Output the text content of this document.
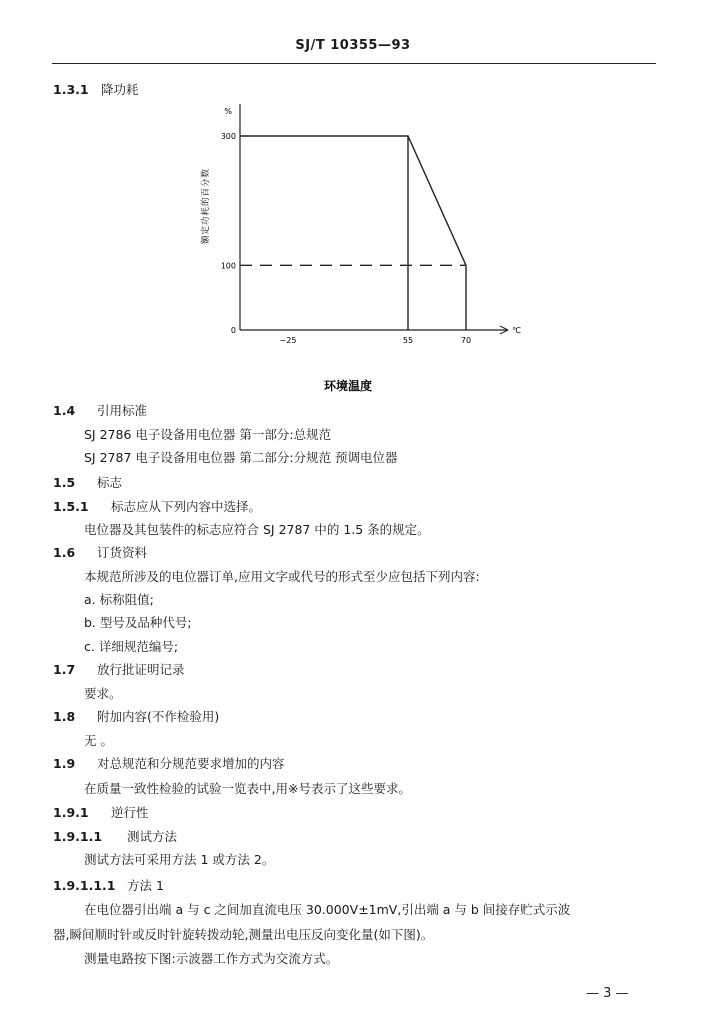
SJ/T 10355—93
1.3.1 降功耗
300
100
0
−25	55	70
%
℃
额定功耗的百分数
环境温度
1.4 引用标准
SJ 2786 电子设备用电位器 第一部分:总规范
SJ 2787 电子设备用电位器 第二部分:分规范 预调电位器
1.5 标志
1.5.1 标志应从下列内容中选择。
电位器及其包装件的标志应符合 SJ 2787 中的 1.5 条的规定。
1.6 订货资料
本规范所涉及的电位器订单,应用文字或代号的形式至少应包括下列内容:
a. 标称阻值;
b. 型号及品种代号;
c. 详细规范编号;
1.7 放行批证明记录
要求。
1.8 附加内容(不作检验用)
无 。
1.9 对总规范和分规范要求增加的内容
在质量一致性检验的试验一览表中,用※号表示了这些要求。
1.9.1 逆行性
1.9.1.1 测试方法
测试方法可采用方法 1 或方法 2。
1.9.1.1.1 方法 1
在电位器引出端 a 与 c 之间加直流电压 30.000V±1mV,引出端 a 与 b 间接存贮式示波
器,瞬间顺时针或反时针旋转拨动轮,测量出电压反向变化量(如下图)。
测量电路按下图:示波器工作方式为交流方式。
— 3 —
